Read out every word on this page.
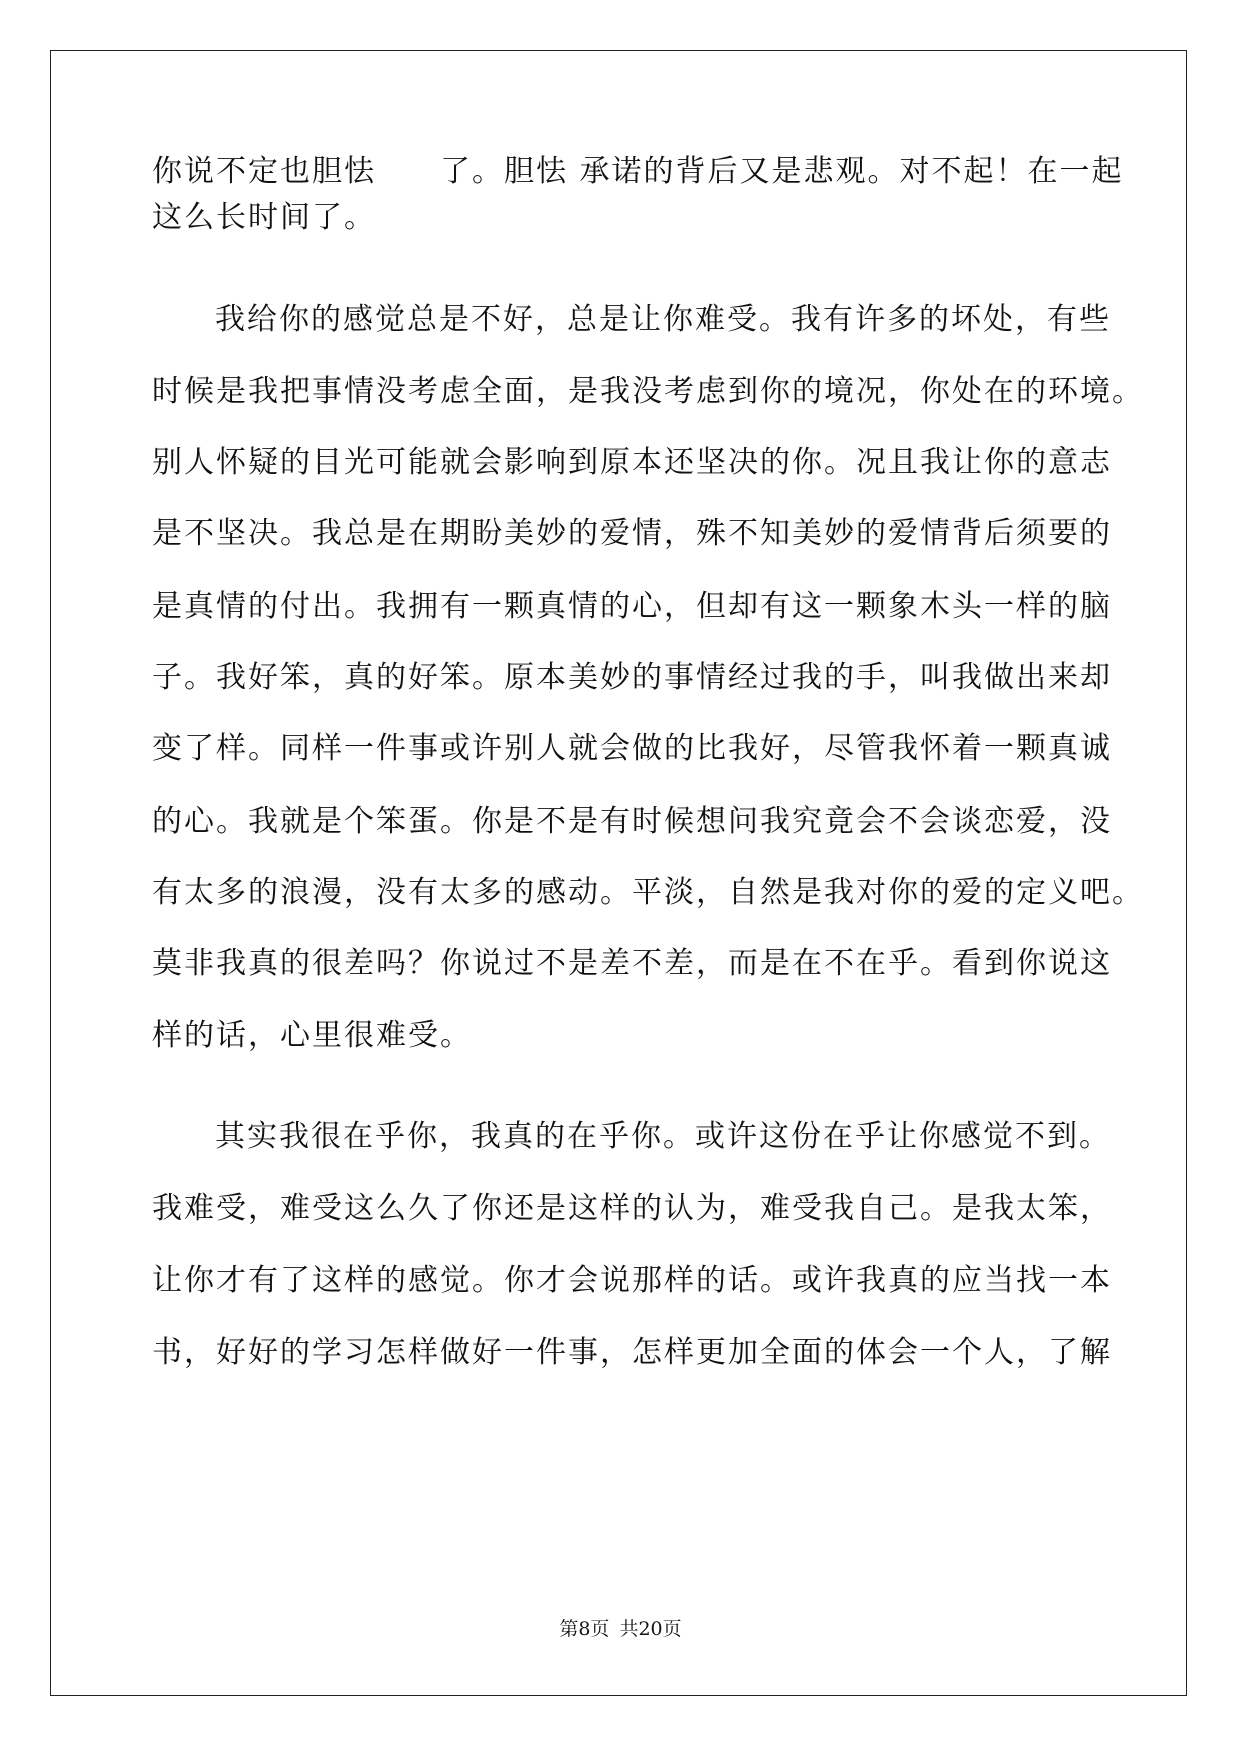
你说不定也胆怯　　了。胆怯 承诺的背后又是悲观。对不起！在一起
这么长时间了。
我给你的感觉总是不好，总是让你难受。我有许多的坏处，有些
时候是我把事情没考虑全面，是我没考虑到你的境况，你处在的环境。
别人怀疑的目光可能就会影响到原本还坚决的你。况且我让你的意志
是不坚决。我总是在期盼美妙的爱情，殊不知美妙的爱情背后须要的
是真情的付出。我拥有一颗真情的心，但却有这一颗象木头一样的脑
子。我好笨，真的好笨。原本美妙的事情经过我的手，叫我做出来却
变了样。同样一件事或许别人就会做的比我好，尽管我怀着一颗真诚
的心。我就是个笨蛋。你是不是有时候想问我究竟会不会谈恋爱，没
有太多的浪漫，没有太多的感动。平淡，自然是我对你的爱的定义吧。
莫非我真的很差吗？你说过不是差不差，而是在不在乎。看到你说这
样的话，心里很难受。
其实我很在乎你，我真的在乎你。或许这份在乎让你感觉不到。
我难受，难受这么久了你还是这样的认为，难受我自己。是我太笨，
让你才有了这样的感觉。你才会说那样的话。或许我真的应当找一本
书，好好的学习怎样做好一件事，怎样更加全面的体会一个人，了解
第8页 共20页
